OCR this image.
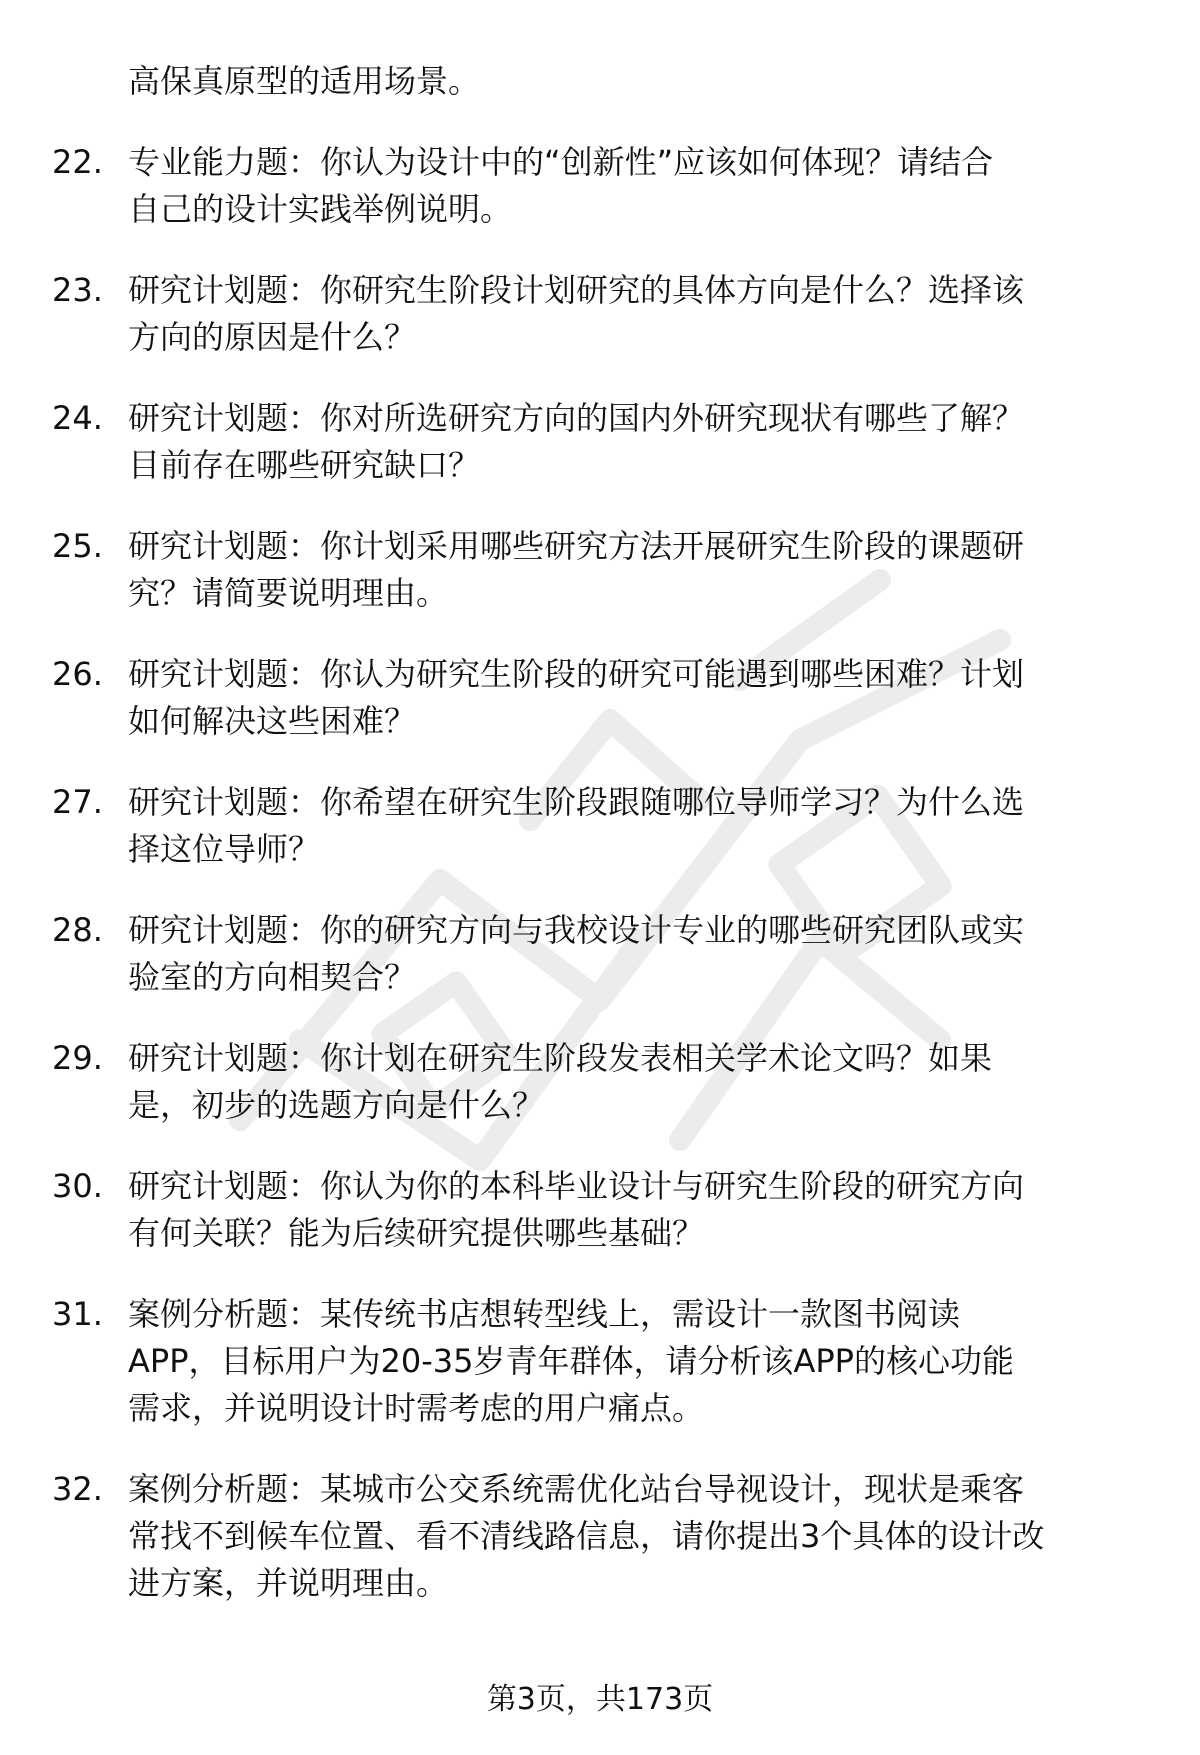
高保真原型的适用场景。

22. 专业能力题：你认为设计中的“创新性”应该如何体现？请结合
自己的设计实践举例说明。

23. 研究计划题：你研究生阶段计划研究的具体方向是什么？选择该
方向的原因是什么？

24. 研究计划题：你对所选研究方向的国内外研究现状有哪些了解？
目前存在哪些研究缺口？

25. 研究计划题：你计划采用哪些研究方法开展研究生阶段的课题研
究？请简要说明理由。

26. 研究计划题：你认为研究生阶段的研究可能遇到哪些困难？计划
如何解决这些困难？

27. 研究计划题：你希望在研究生阶段跟随哪位导师学习？为什么选
择这位导师？

28. 研究计划题：你的研究方向与我校设计专业的哪些研究团队或实
验室的方向相契合？

29. 研究计划题：你计划在研究生阶段发表相关学术论文吗？如果
是，初步的选题方向是什么？

30. 研究计划题：你认为你的本科毕业设计与研究生阶段的研究方向
有何关联？能为后续研究提供哪些基础？

31. 案例分析题：某传统书店想转型线上，需设计一款图书阅读
APP，目标用户为20-35岁青年群体，请分析该APP的核心功能
需求，并说明设计时需考虑的用户痛点。

32. 案例分析题：某城市公交系统需优化站台导视设计，现状是乘客
常找不到候车位置、看不清线路信息，请你提出3个具体的设计改
进方案，并说明理由。

第3页，共173页
